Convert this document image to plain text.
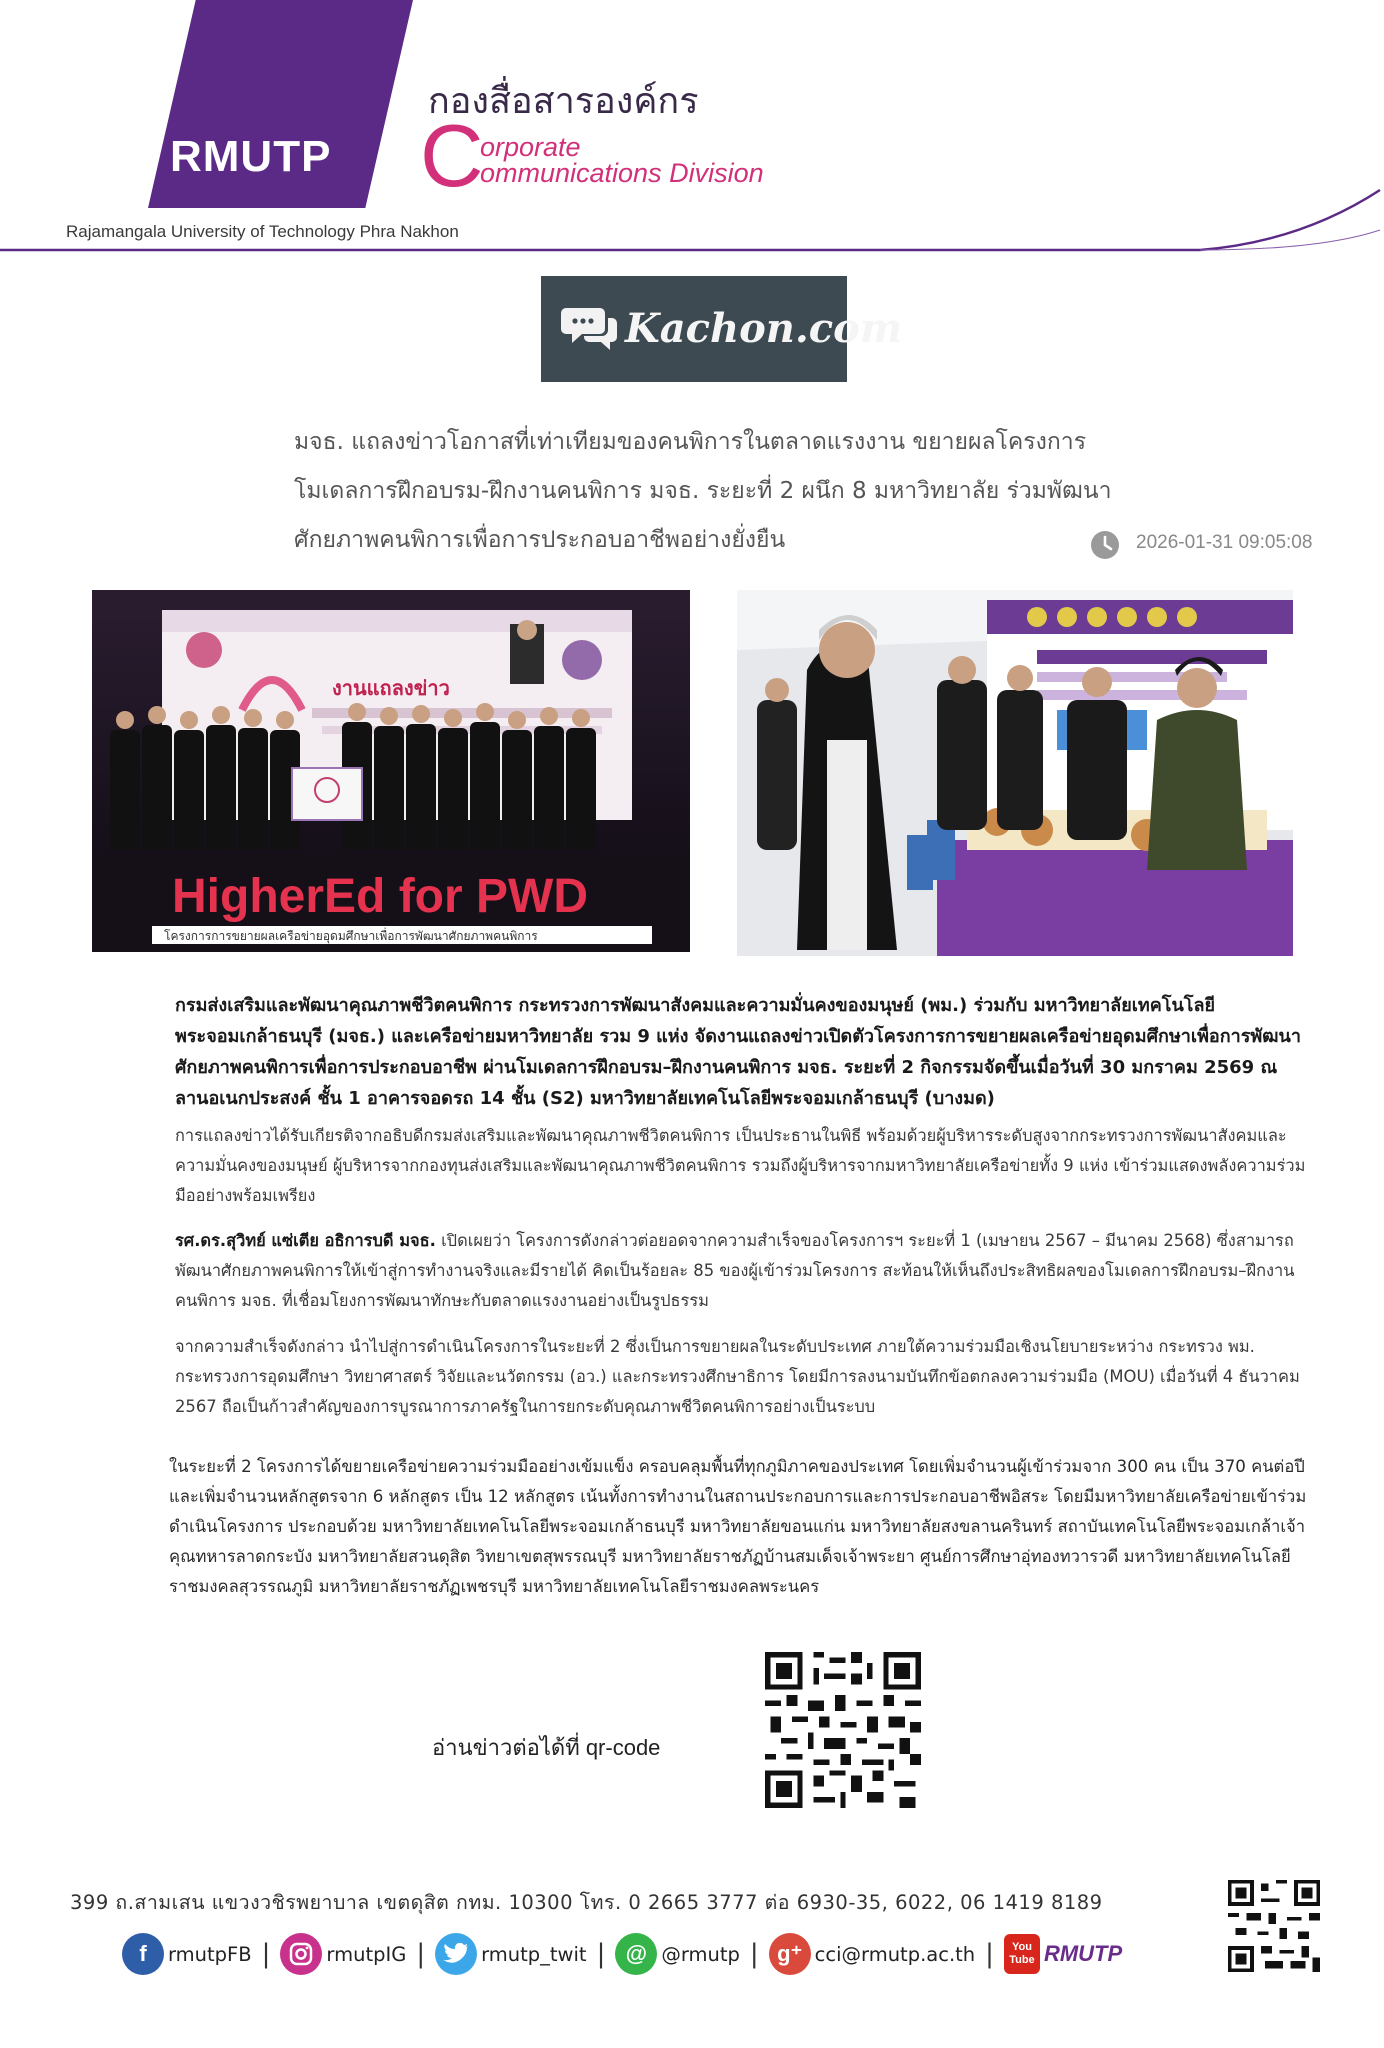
RMUTP
กองสื่อสารองค์กร
C
orporate
ommunications Division
Rajamangala University of Technology Phra Nakhon
Kachon.com
มจธ. แถลงข่าวโอกาสที่เท่าเทียมของคนพิการในตลาดแรงงาน ขยายผลโครงการ
โมเดลการฝึกอบรม-ฝึกงานคนพิการ มจธ. ระยะที่ 2 ผนึก 8 มหาวิทยาลัย ร่วมพัฒนา
ศักยภาพคนพิการเพื่อการประกอบอาชีพอย่างยั่งยืน	2026-01-31 09:05:08
งานแถลงข่าว
HigherEd for PWD
โครงการการขยายผลเครือข่ายอุดมศึกษาเพื่อการพัฒนาศักยภาพคนพิการ
กรมส่งเสริมและพัฒนาคุณภาพชีวิตคนพิการ กระทรวงการพัฒนาสังคมและความมั่นคงของมนุษย์ (พม.) ร่วมกับ มหาวิทยาลัยเทคโนโลยีพระจอมเกล้าธนบุรี (มจธ.) และเครือข่ายมหาวิทยาลัย รวม 9 แห่ง จัดงานแถลงข่าวเปิดตัวโครงการการขยายผลเครือข่ายอุดมศึกษาเพื่อการพัฒนาศักยภาพคนพิการเพื่อการประกอบอาชีพ ผ่านโมเดลการฝึกอบรม–ฝึกงานคนพิการ มจธ. ระยะที่ 2 กิจกรรมจัดขึ้นเมื่อวันที่ 30 มกราคม 2569 ณ ลานอเนกประสงค์ ชั้น 1 อาคารจอดรถ 14 ชั้น (S2) มหาวิทยาลัยเทคโนโลยีพระจอมเกล้าธนบุรี (บางมด)
การแถลงข่าวได้รับเกียรติจากอธิบดีกรมส่งเสริมและพัฒนาคุณภาพชีวิตคนพิการ เป็นประธานในพิธี พร้อมด้วยผู้บริหารระดับสูงจากกระทรวงการพัฒนาสังคมและความมั่นคงของมนุษย์ ผู้บริหารจากกองทุนส่งเสริมและพัฒนาคุณภาพชีวิตคนพิการ รวมถึงผู้บริหารจากมหาวิทยาลัยเครือข่ายทั้ง 9 แห่ง เข้าร่วมแสดงพลังความร่วมมืออย่างพร้อมเพรียง
รศ.ดร.สุวิทย์ แซ่เตีย อธิการบดี มจธ. เปิดเผยว่า โครงการดังกล่าวต่อยอดจากความสำเร็จของโครงการฯ ระยะที่ 1 (เมษายน 2567 – มีนาคม 2568) ซึ่งสามารถพัฒนาศักยภาพคนพิการให้เข้าสู่การทำงานจริงและมีรายได้ คิดเป็นร้อยละ 85 ของผู้เข้าร่วมโครงการ สะท้อนให้เห็นถึงประสิทธิผลของโมเดลการฝึกอบรม–ฝึกงานคนพิการ มจธ. ที่เชื่อมโยงการพัฒนาทักษะกับตลาดแรงงานอย่างเป็นรูปธรรม
จากความสำเร็จดังกล่าว นำไปสู่การดำเนินโครงการในระยะที่ 2 ซึ่งเป็นการขยายผลในระดับประเทศ ภายใต้ความร่วมมือเชิงนโยบายระหว่าง กระทรวง พม. กระทรวงการอุดมศึกษา วิทยาศาสตร์ วิจัยและนวัตกรรม (อว.) และกระทรวงศึกษาธิการ โดยมีการลงนามบันทึกข้อตกลงความร่วมมือ (MOU) เมื่อวันที่ 4 ธันวาคม 2567 ถือเป็นก้าวสำคัญของการบูรณาการภาครัฐในการยกระดับคุณภาพชีวิตคนพิการอย่างเป็นระบบ
ในระยะที่ 2 โครงการได้ขยายเครือข่ายความร่วมมืออย่างเข้มแข็ง ครอบคลุมพื้นที่ทุกภูมิภาคของประเทศ โดยเพิ่มจำนวนผู้เข้าร่วมจาก 300 คน เป็น 370 คนต่อปี และเพิ่มจำนวนหลักสูตรจาก 6 หลักสูตร เป็น 12 หลักสูตร เน้นทั้งการทำงานในสถานประกอบการและการประกอบอาชีพอิสระ โดยมีมหาวิทยาลัยเครือข่ายเข้าร่วมดำเนินโครงการ ประกอบด้วย มหาวิทยาลัยเทคโนโลยีพระจอมเกล้าธนบุรี มหาวิทยาลัยขอนแก่น มหาวิทยาลัยสงขลานครินทร์ สถาบันเทคโนโลยีพระจอมเกล้าเจ้าคุณทหารลาดกระบัง มหาวิทยาลัยสวนดุสิต วิทยาเขตสุพรรณบุรี มหาวิทยาลัยราชภัฏบ้านสมเด็จเจ้าพระยา ศูนย์การศึกษาอุ่ทองทวารวดี มหาวิทยาลัยเทคโนโลยีราชมงคลสุวรรณภูมิ มหาวิทยาลัยราชภัฏเพชรบุรี มหาวิทยาลัยเทคโนโลยีราชมงคลพระนคร
อ่านข่าวต่อได้ที่ qr-code
399 ถ.สามเสน แขวงวชิรพยาบาล เขตดุสิต กทม. 10300 โทร. 0 2665 3777 ต่อ 6930-35, 6022, 06 1419 8189
f	rmutpFB |	rmutpIG |	rmutp_twit | @ @rmutp | g⁺ cci@rmutp.ac.th | You
Tube RMUTP
